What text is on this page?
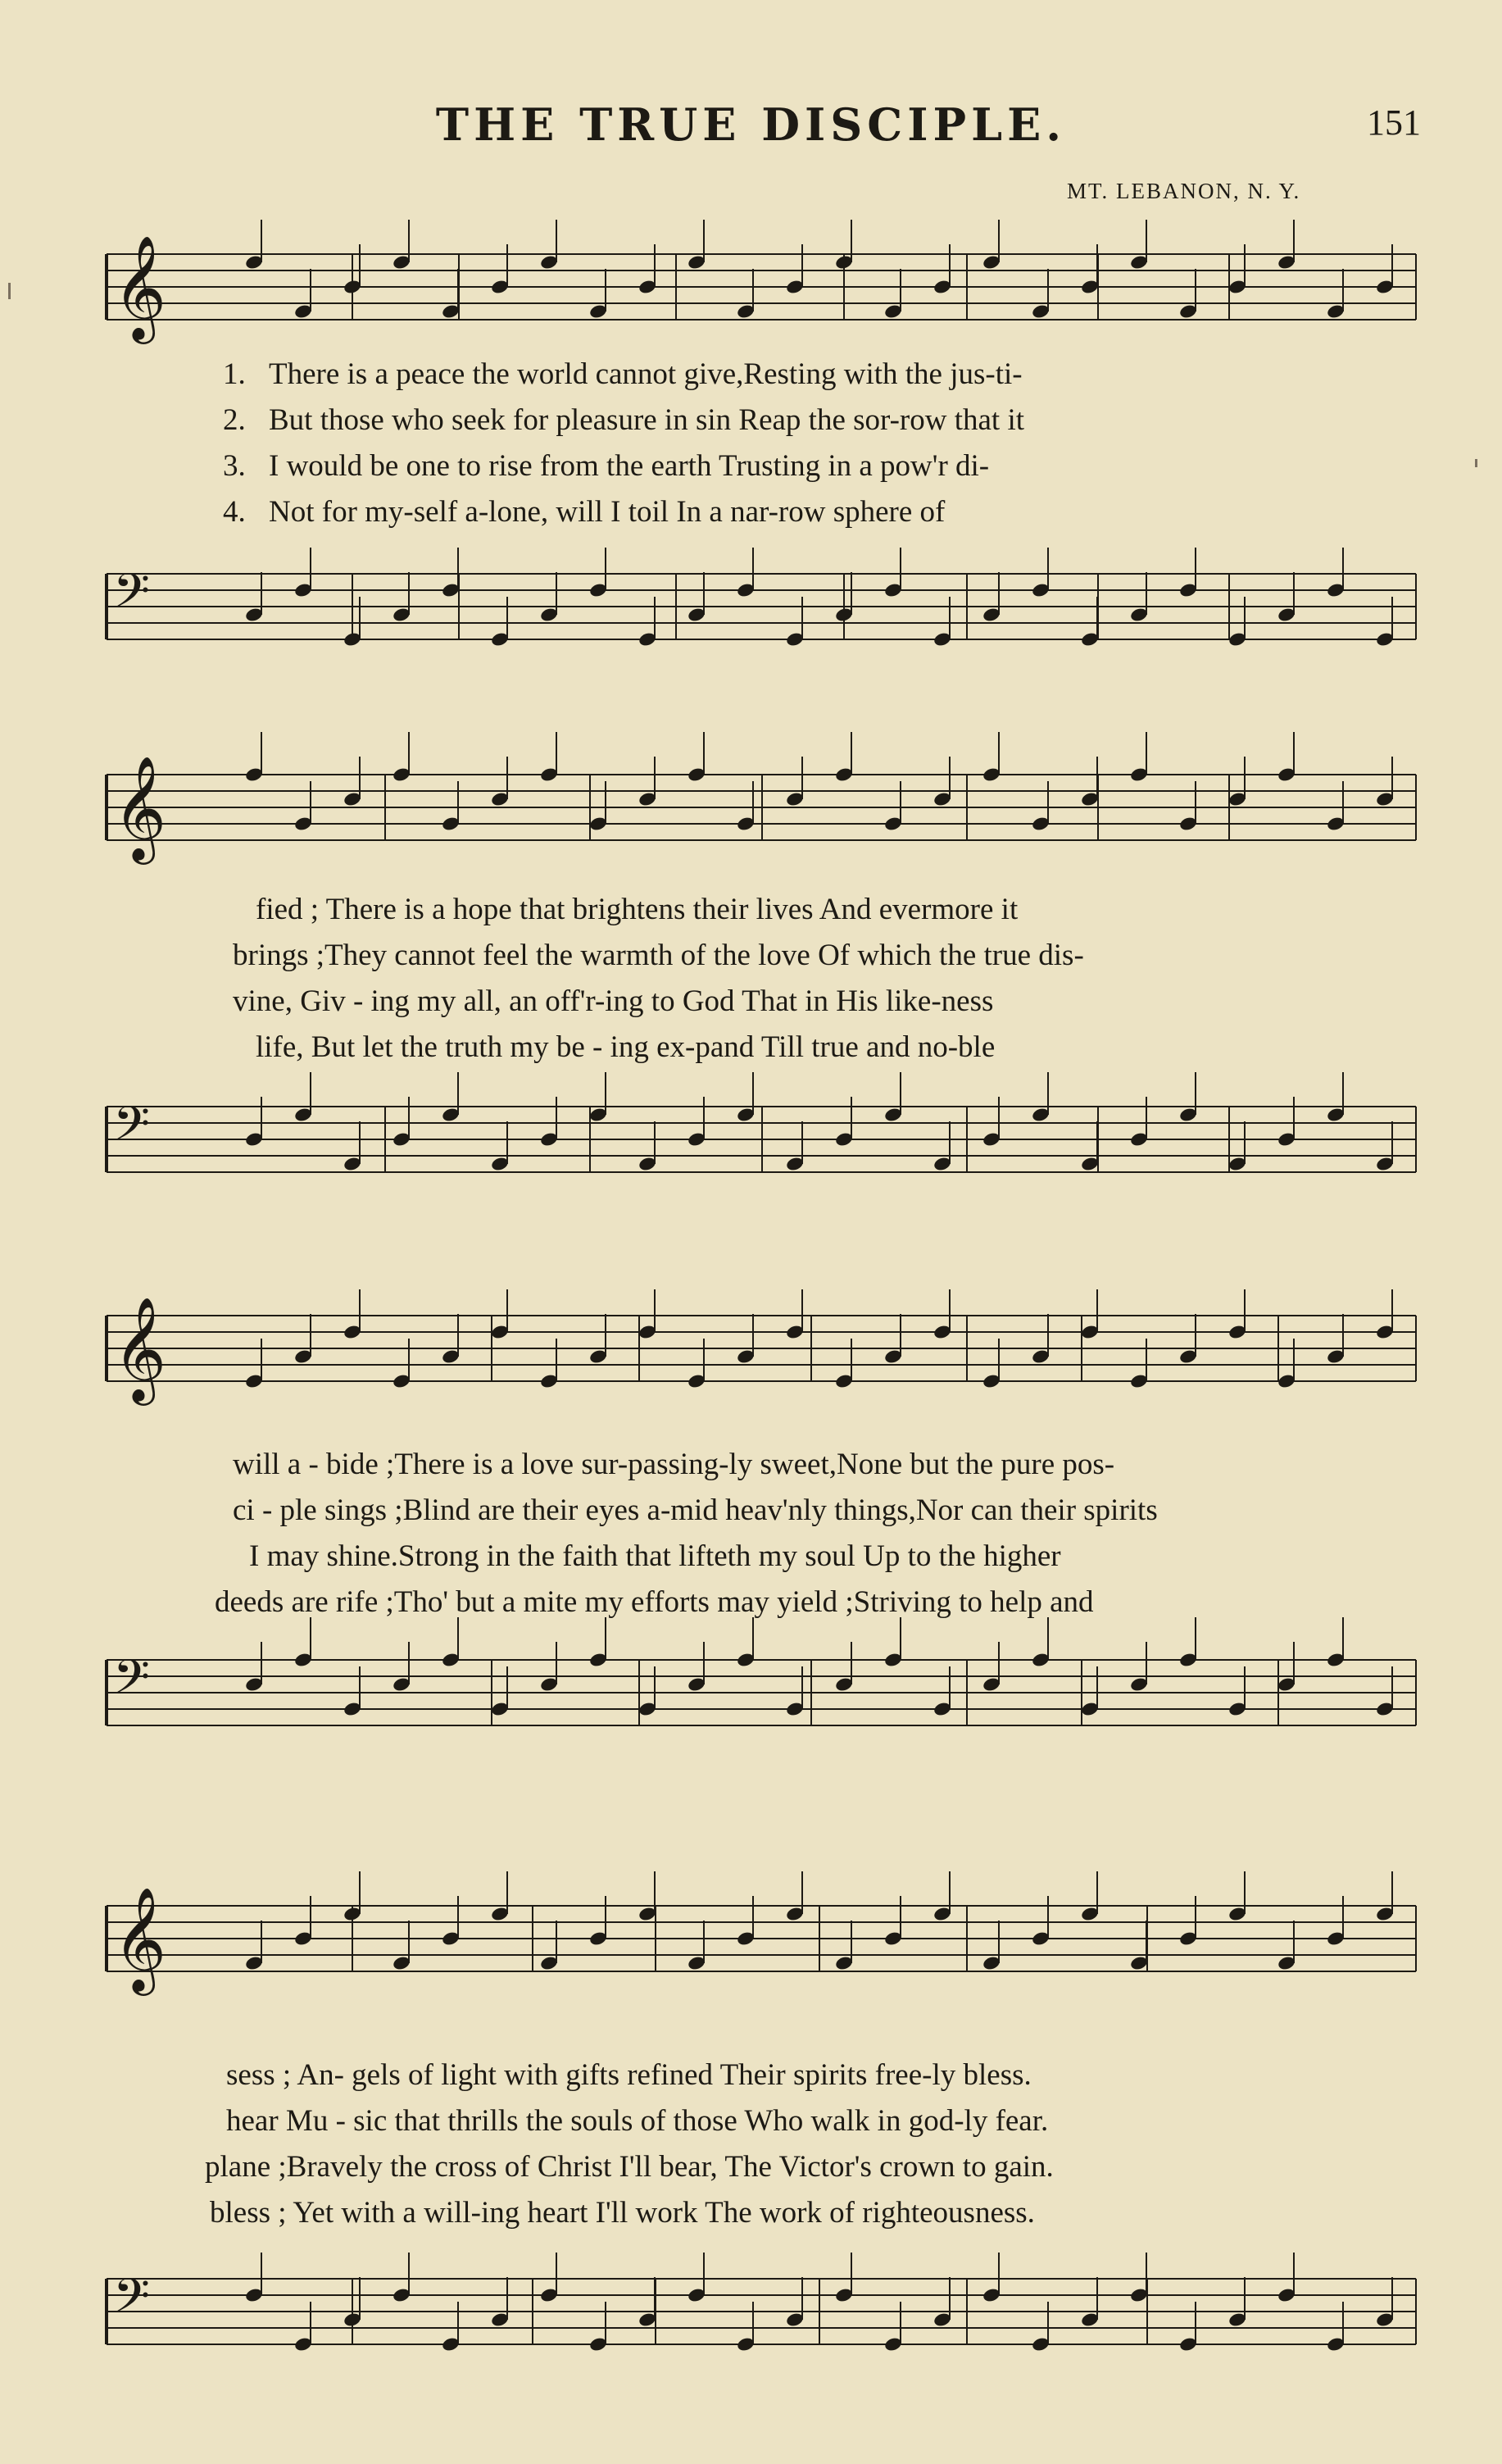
THE TRUE DISCIPLE.	151
MT. LEBANON, N. Y.
𝄞
1. There is a peace the world cannot give,Resting with the jus-ti-
2. But those who seek for pleasure in sin Reap the sor-row that it
3. I would be one to rise from the earth Trusting in a pow'r di-
4. Not for my-self a-lone, will I toil In a nar-row sphere of
𝄢
𝄞
fied ; There is a hope that brightens their lives And evermore it
brings ;They cannot feel the warmth of the love Of which the true dis-
vine, Giv - ing my all, an off'r-ing to God That in His like-ness
life, But let the truth my be - ing ex-pand Till true and no-ble
𝄢
𝄞
will a - bide ;There is a love sur-passing-ly sweet,None but the pure pos-
ci - ple sings ;Blind are their eyes a-mid heav'nly things,Nor can their spirits
I may shine.Strong in the faith that lifteth my soul Up to the higher
deeds are rife ;Tho' but a mite my efforts may yield ;Striving to help and
𝄢
𝄞
sess ; An- gels of light with gifts refined Their spirits free-ly bless.
hear Mu - sic that thrills the souls of those Who walk in god-ly fear.
plane ;Bravely the cross of Christ I'll bear, The Victor's crown to gain.
bless ; Yet with a will-ing heart I'll work The work of righteousness.
𝄢
